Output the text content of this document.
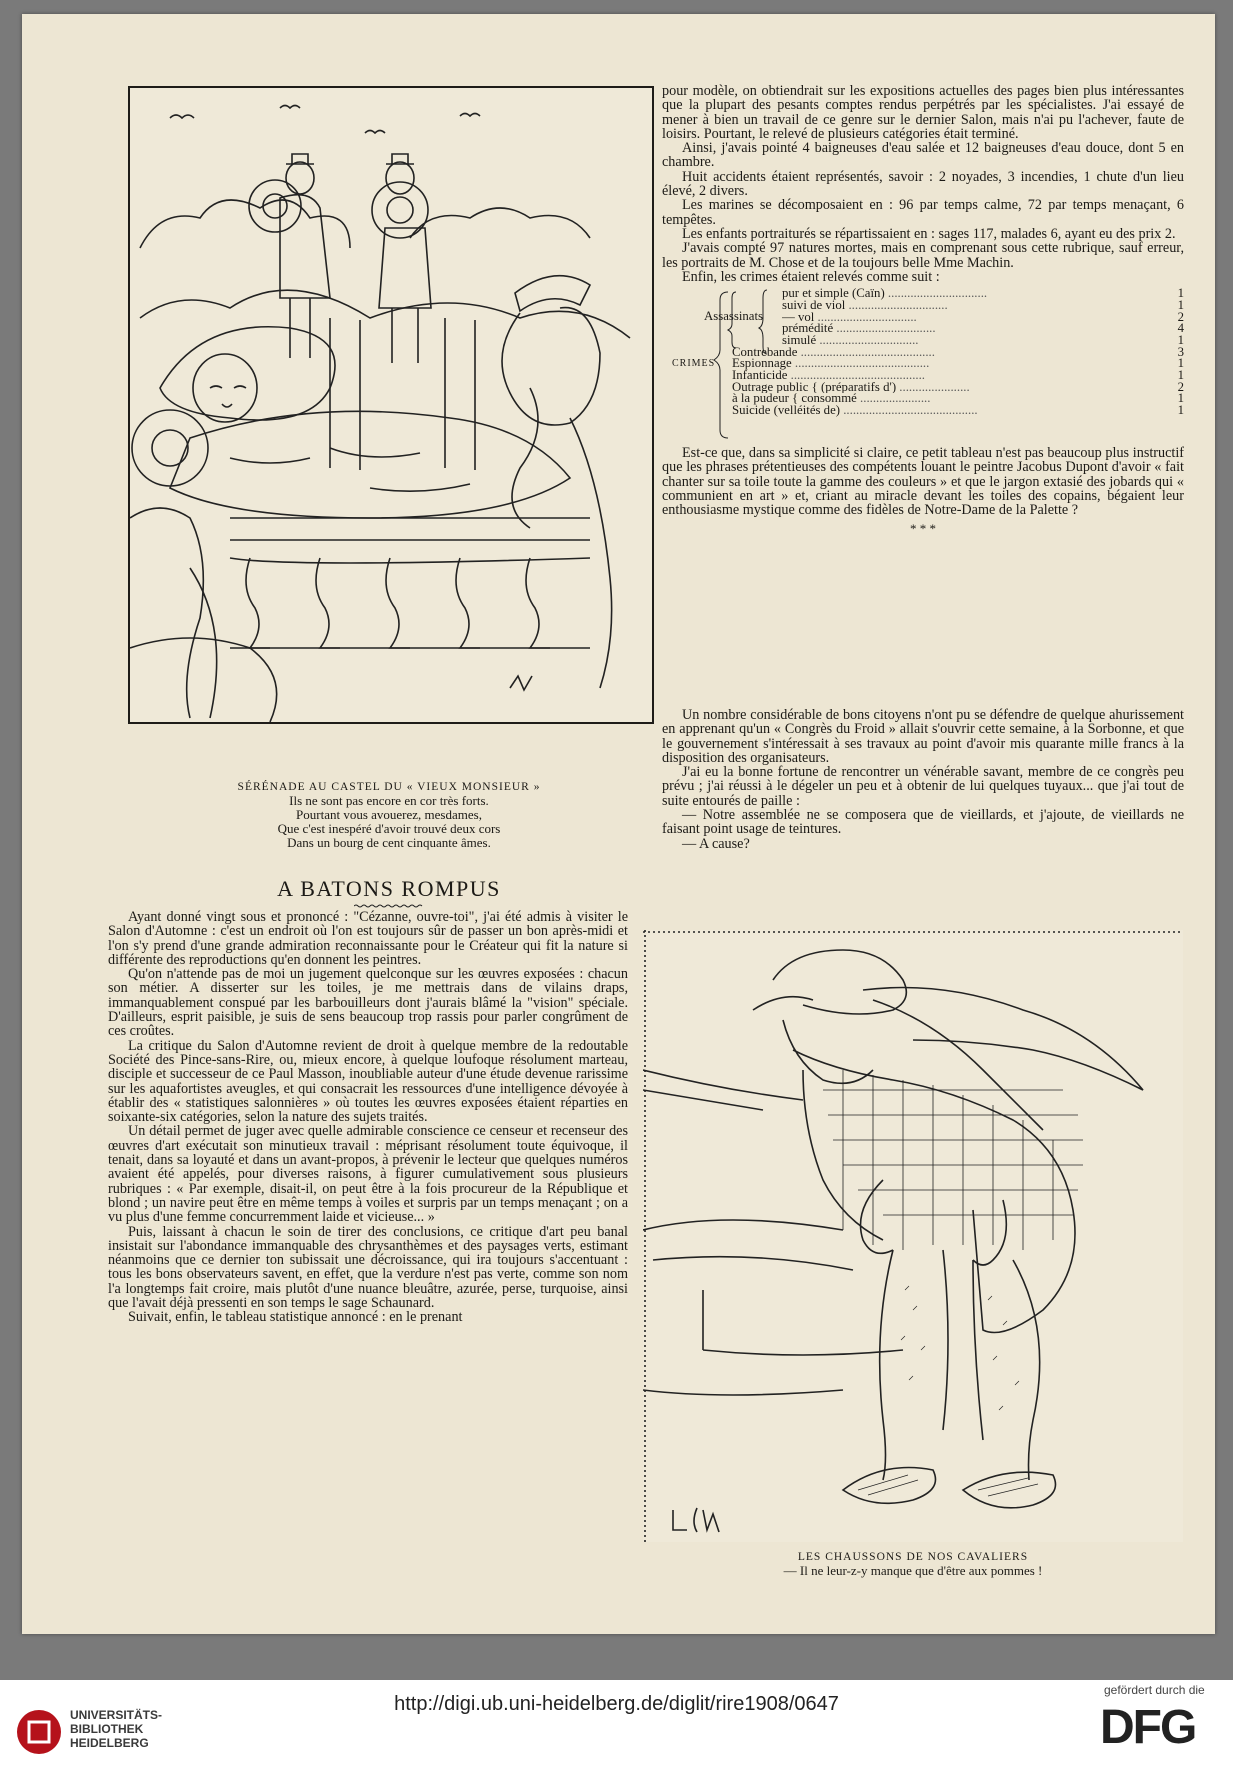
SÉRÉNADE AU CASTEL DU « VIEUX MONSIEUR »
Ils ne sont pas encore en cor très forts.
Pourtant vous avouerez, mesdames,
Que c'est inespéré d'avoir trouvé deux cors
Dans un bourg de cent cinquante âmes.
A BATONS ROMPUS

Ayant donné vingt sous et prononcé : "Cézanne, ouvre-toi", j'ai été admis à visiter le Salon d'Automne : c'est un endroit où l'on est toujours sûr de passer un bon après-midi et l'on s'y prend d'une grande admiration reconnaissante pour le Créateur qui fit la nature si différente des reproductions qu'en donnent les peintres.

Qu'on n'attende pas de moi un jugement quelconque sur les œuvres exposées : chacun son métier. A disserter sur les toiles, je me mettrais dans de vilains draps, immanquablement conspué par les barbouilleurs dont j'aurais blâmé la "vision" spéciale. D'ailleurs, esprit paisible, je suis de sens beaucoup trop rassis pour parler congrûment de ces croûtes.

La critique du Salon d'Automne revient de droit à quelque membre de la redoutable Société des Pince-sans-Rire, ou, mieux encore, à quelque loufoque résolument marteau, disciple et successeur de ce Paul Masson, inoubliable auteur d'une étude devenue rarissime sur les aquafortistes aveugles, et qui consacrait les ressources d'une intelligence dévoyée à établir des « statistiques salonnières » où toutes les œuvres exposées étaient réparties en soixante-six catégories, selon la nature des sujets traités.

Un détail permet de juger avec quelle admirable conscience ce censeur et recenseur des œuvres d'art exécutait son minutieux travail : méprisant résolument toute équivoque, il tenait, dans sa loyauté et dans un avant-propos, à prévenir le lecteur que quelques numéros avaient été appelés, pour diverses raisons, à figurer cumulativement sous plusieurs rubriques : « Par exemple, disait-il, on peut être à la fois procureur de la République et blond ; un navire peut être en même temps à voiles et surpris par un temps menaçant ; on a vu plus d'une femme concurremment laide et vicieuse... »

Puis, laissant à chacun le soin de tirer des conclusions, ce critique d'art peu banal insistait sur l'abondance immanquable des chrysanthèmes et des paysages verts, estimant néanmoins que ce dernier ton subissait une décroissance, qui ira toujours s'accentuant : tous les bons observateurs savent, en effet, que la verdure n'est pas verte, comme son nom l'a longtemps fait croire, mais plutôt d'une nuance bleuâtre, azurée, perse, turquoise, ainsi que l'avait déjà pressenti en son temps le sage Schaunard.

Suivait, enfin, le tableau statistique annoncé : en le prenant

pour modèle, on obtiendrait sur les expositions actuelles des pages bien plus intéressantes que la plupart des pesants comptes rendus perpétrés par les spécialistes. J'ai essayé de mener à bien un travail de ce genre sur le dernier Salon, mais n'ai pu l'achever, faute de loisirs. Pourtant, le relevé de plusieurs catégories était terminé.

Ainsi, j'avais pointé 4 baigneuses d'eau salée et 12 baigneuses d'eau douce, dont 5 en chambre.

Huit accidents étaient représentés, savoir : 2 noyades, 3 incendies, 1 chute d'un lieu élevé, 2 divers.

Les marines se décomposaient en : 96 par temps calme, 72 par temps menaçant, 6 tempêtes.

Les enfants portraiturés se répartissaient en : sages 117, malades 6, ayant eu des prix 2.

J'avais compté 97 natures mortes, mais en comprenant sous cette rubrique, sauf erreur, les portraits de M. Chose et de la toujours belle Mme Machin.

Enfin, les crimes étaient relevés comme suit :

CRIMES
Assassinats
pur et simple (Caïn) ...............................	1
suivi de viol ...............................	1
— vol ...............................	2
prémédité ...............................	4
simulé ...............................	1
Contrebande ..........................................	3
Espionnage ..........................................	1
Infanticide ..........................................	1
Outrage public { (préparatifs d') ......................	2
à la pudeur { consommé ......................	1
Suicide (velléités de) ..........................................	1

Est-ce que, dans sa simplicité si claire, ce petit tableau n'est pas beaucoup plus instructif que les phrases prétentieuses des compétents louant le peintre Jacobus Dupont d'avoir « fait chanter sur sa toile toute la gamme des couleurs » et que le jargon extasié des jobards qui « communient en art » et, criant au miracle devant les toiles des copains, bégaient leur enthousiasme mystique comme des fidèles de Notre-Dame de la Palette ?

* * *

Un nombre considérable de bons citoyens n'ont pu se défendre de quelque ahurissement en apprenant qu'un « Congrès du Froid » allait s'ouvrir cette semaine, à la Sorbonne, et que le gouvernement s'intéressait à ses travaux au point d'avoir mis quarante mille francs à la disposition des organisateurs.

J'ai eu la bonne fortune de rencontrer un vénérable savant, membre de ce congrès peu prévu ; j'ai réussi à le dégeler un peu et à obtenir de lui quelques tuyaux... que j'ai tout de suite entourés de paille :

— Notre assemblée ne se composera que de vieillards, et j'ajoute, de vieillards ne faisant point usage de teintures.

— A cause?

LES CHAUSSONS DE NOS CAVALIERS
— Il ne leur-z-y manque que d'être aux pommes !
UNIVERSITÄTS-
BIBLIOTHEK
HEIDELBERG
http://digi.ub.uni-heidelberg.de/diglit/rire1908/0647
gefördert durch die
DFG
